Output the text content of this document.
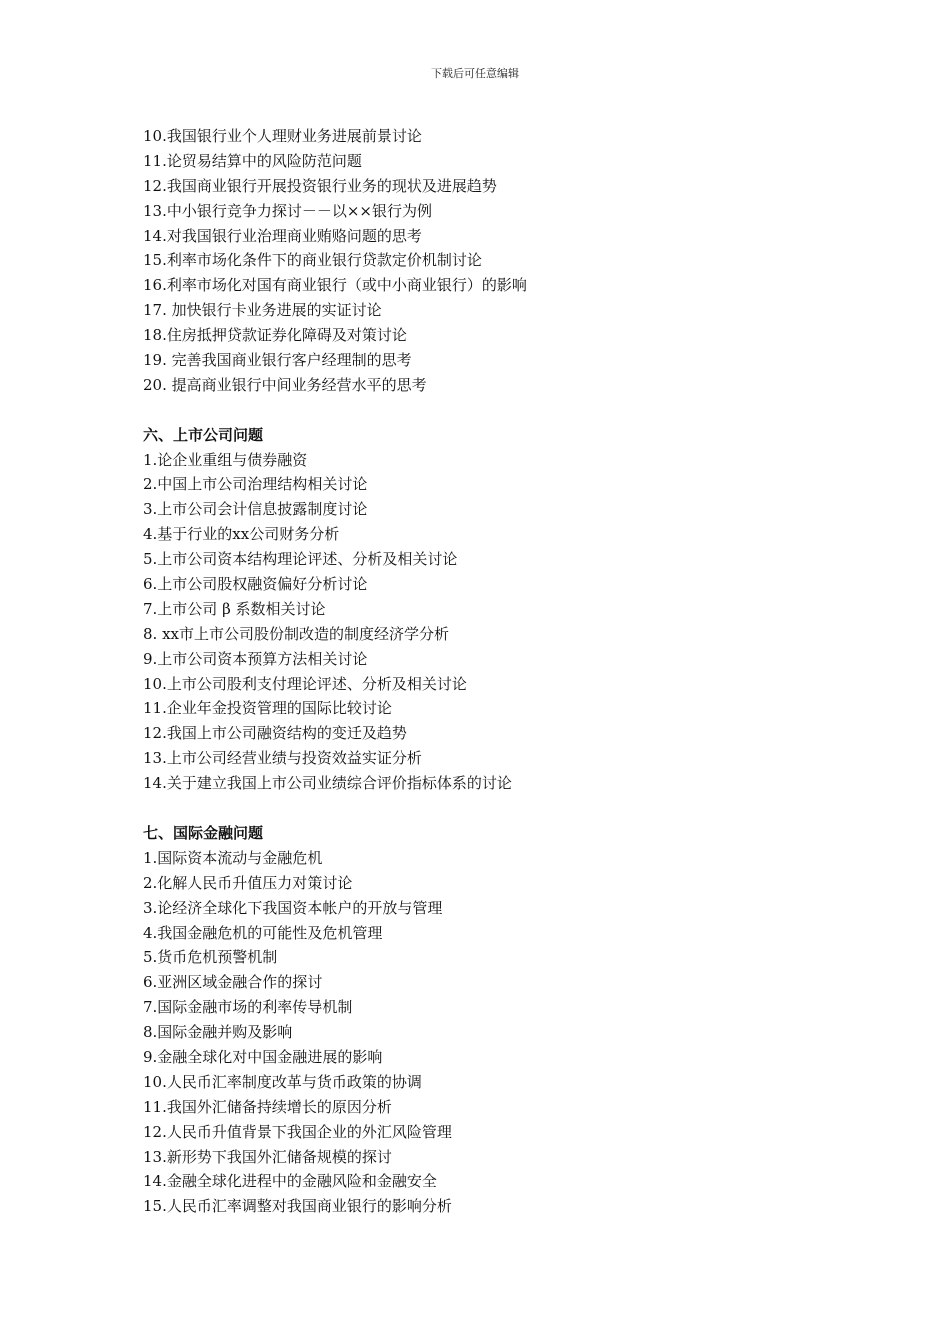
下载后可任意编辑
10.我国银行业个人理财业务进展前景讨论
11.论贸易结算中的风险防范问题
12.我国商业银行开展投资银行业务的现状及进展趋势
13.中小银行竞争力探讨－－以××银行为例
14.对我国银行业治理商业贿赂问题的思考
15.利率市场化条件下的商业银行贷款定价机制讨论
16.利率市场化对国有商业银行（或中小商业银行）的影响
17. 加快银行卡业务进展的实证讨论
18.住房抵押贷款证券化障碍及对策讨论
19. 完善我国商业银行客户经理制的思考
20. 提高商业银行中间业务经营水平的思考
六、上市公司问题
1.论企业重组与债券融资
2.中国上市公司治理结构相关讨论
3.上市公司会计信息披露制度讨论
4.基于行业的xx公司财务分析
5.上市公司资本结构理论评述、分析及相关讨论
6.上市公司股权融资偏好分析讨论
7.上市公司 β 系数相关讨论
8. xx市上市公司股份制改造的制度经济学分析
9.上市公司资本预算方法相关讨论
10.上市公司股利支付理论评述、分析及相关讨论
11.企业年金投资管理的国际比较讨论
12.我国上市公司融资结构的变迁及趋势
13.上市公司经营业绩与投资效益实证分析
14.关于建立我国上市公司业绩综合评价指标体系的讨论
七、国际金融问题
1.国际资本流动与金融危机
2.化解人民币升值压力对策讨论
3.论经济全球化下我国资本帐户的开放与管理
4.我国金融危机的可能性及危机管理
5.货币危机预警机制
6.亚洲区域金融合作的探讨
7.国际金融市场的利率传导机制
8.国际金融并购及影响
9.金融全球化对中国金融进展的影响
10.人民币汇率制度改革与货币政策的协调
11.我国外汇储备持续增长的原因分析
12.人民币升值背景下我国企业的外汇风险管理
13.新形势下我国外汇储备规模的探讨
14.金融全球化进程中的金融风险和金融安全
15.人民币汇率调整对我国商业银行的影响分析
